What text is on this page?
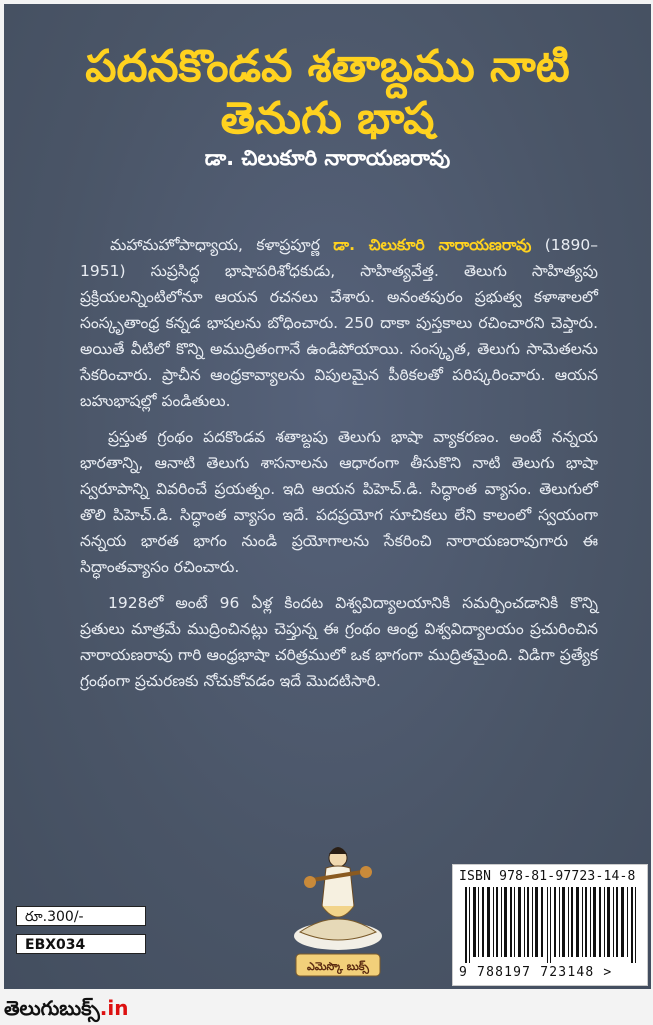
పదనకొండవ శతాబ్దము నాటి
తెనుగు భాష
డా. చిలుకూరి నారాయణరావు

మహామహోపాధ్యాయ, కళాప్రపూర్ణ డా. చిలుకూరి నారాయణరావు (1890–1951) సుప్రసిద్ధ భాషాపరిశోధకుడు, సాహిత్యవేత్త. తెలుగు సాహిత్యపు ప్రక్రియలన్నింటిలోనూ ఆయన రచనలు చేశారు. అనంతపురం ప్రభుత్వ కళాశాలలో సంస్కృతాంధ్ర కన్నడ భాషలను బోధించారు. 250 దాకా పుస్తకాలు రచించారని చెప్తారు. అయితే వీటిలో కొన్ని అముద్రితంగానే ఉండిపోయాయి. సంస్కృత, తెలుగు సామెతలను సేకరించారు. ప్రాచీన ఆంధ్రకావ్యాలను విపులమైన పీఠికలతో పరిష్కరించారు. ఆయన బహుభాషల్లో పండితులు.

ప్రస్తుత గ్రంథం పదకొండవ శతాబ్దపు తెలుగు భాషా వ్యాకరణం. అంటే నన్నయ భారతాన్ని, ఆనాటి తెలుగు శాసనాలను ఆధారంగా తీసుకొని నాటి తెలుగు భాషా స్వరూపాన్ని వివరించే ప్రయత్నం. ఇది ఆయన పిహెచ్.డి. సిద్ధాంత వ్యాసం. తెలుగులో తొలి పిహెచ్.డి. సిద్ధాంత వ్యాసం ఇదే. పదప్రయోగ సూచికలు లేని కాలంలో స్వయంగా నన్నయ భారత భాగం నుండి ప్రయోగాలను సేకరించి నారాయణరావుగారు ఈ సిద్ధాంతవ్యాసం రచించారు.

1928లో అంటే 96 ఏళ్ల కిందట విశ్వవిద్యాలయానికి సమర్పించడానికి కొన్ని ప్రతులు మాత్రమే ముద్రించినట్లు చెప్తున్న ఈ గ్రంథం ఆంధ్ర విశ్వవిద్యాలయం ప్రచురించిన నారాయణరావు గారి ఆంధ్రభాషా చరిత్రములో ఒక భాగంగా ముద్రితమైంది. విడిగా ప్రత్యేక గ్రంథంగా ప్రచురణకు నోచుకోవడం ఇదే మొదటిసారి.

ఎమెస్కొ బుక్స్
రూ.300/-
EBX034
ISBN 978-81-97723-14-8
9 788197 723148 >
తెలుగుబుక్స్.in
